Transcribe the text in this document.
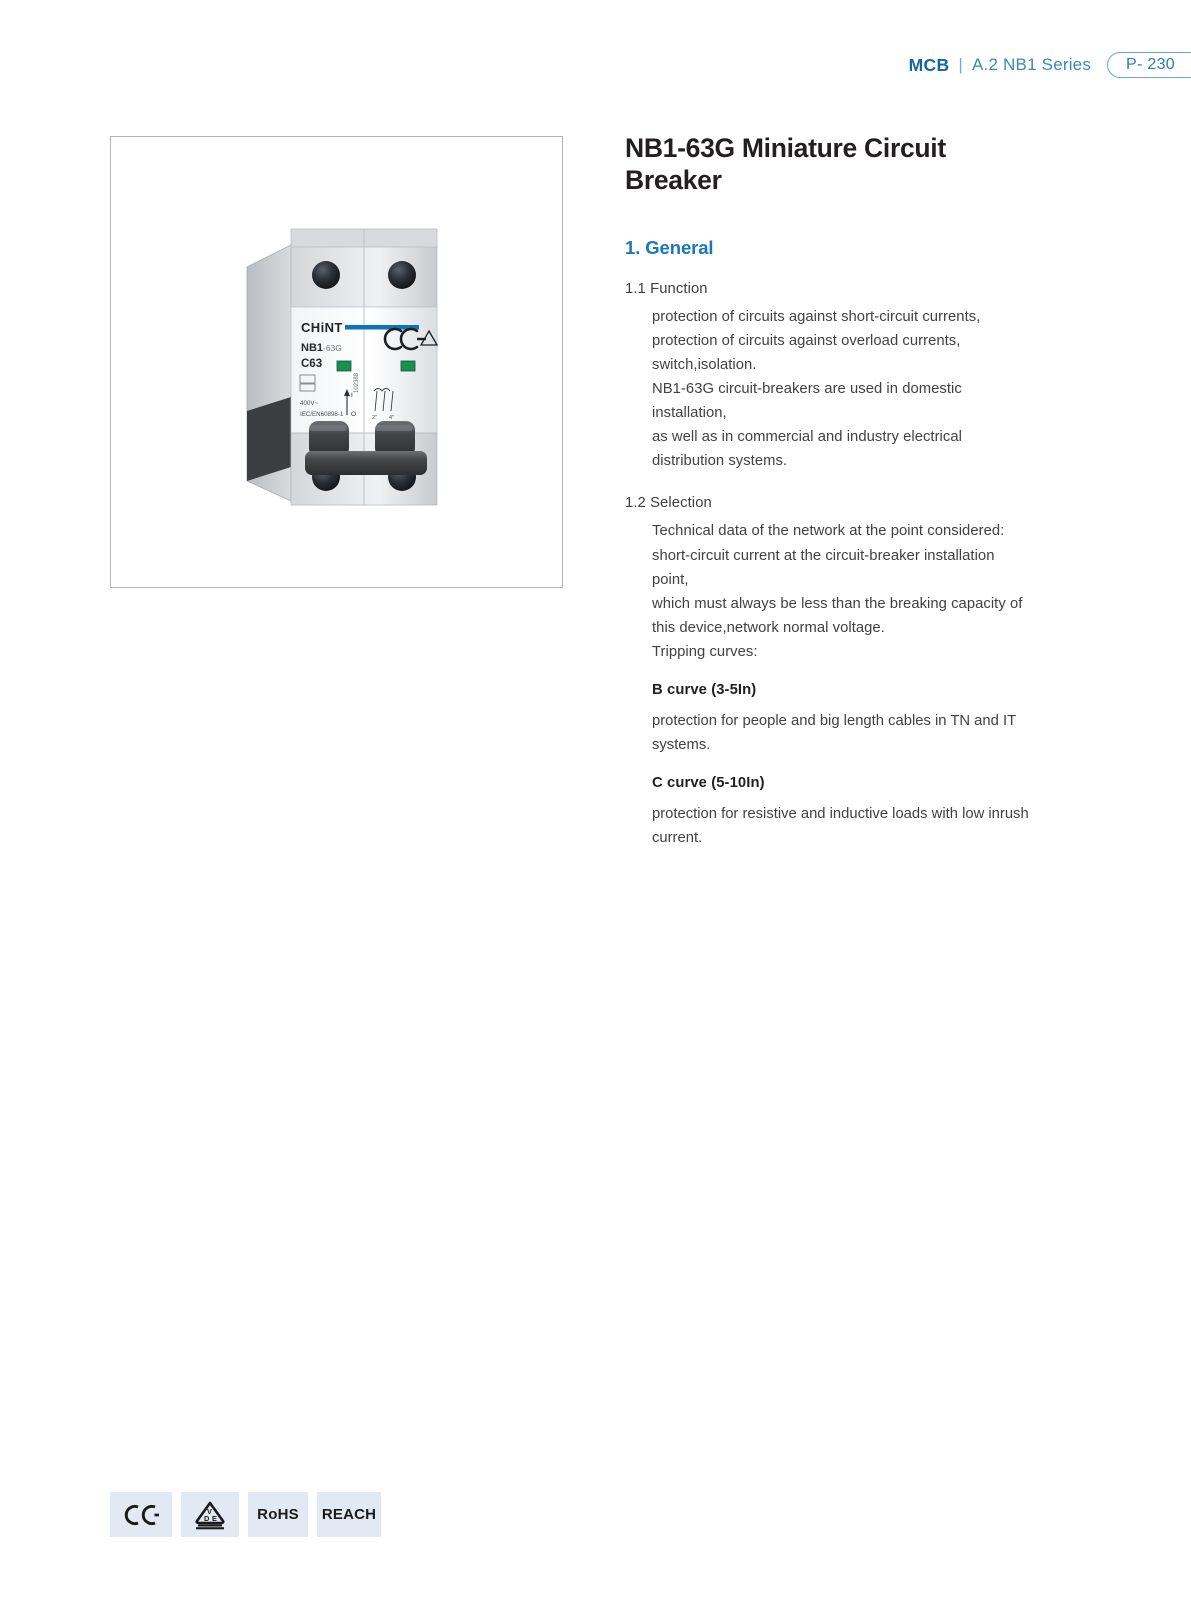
MCB | A.2 NB1 Series	P- 230
CHiNT
NB1 -63G
C63
400V~
IEC/EN60898-1
102388
I
O	2" 4"
NB1-63G Miniature Circuit Breaker
1. General
1.1 Function
protection of circuits against short-circuit currents,
protection of circuits against overload currents,
switch,isolation.
NB1-63G circuit-breakers are used in domestic installation,
as well as in commercial and industry electrical
distribution systems.
1.2 Selection
Technical data of the network at the point considered:
short-circuit current at the circuit-breaker installation point,
which must always be less than the breaking capacity of
this device,network normal voltage.
Tripping curves:
B curve (3-5In)
protection for people and big length cables in TN and IT systems.
C curve (5-10In)
protection for resistive and inductive loads with low inrush current.
V
D E	RoHS REACH
